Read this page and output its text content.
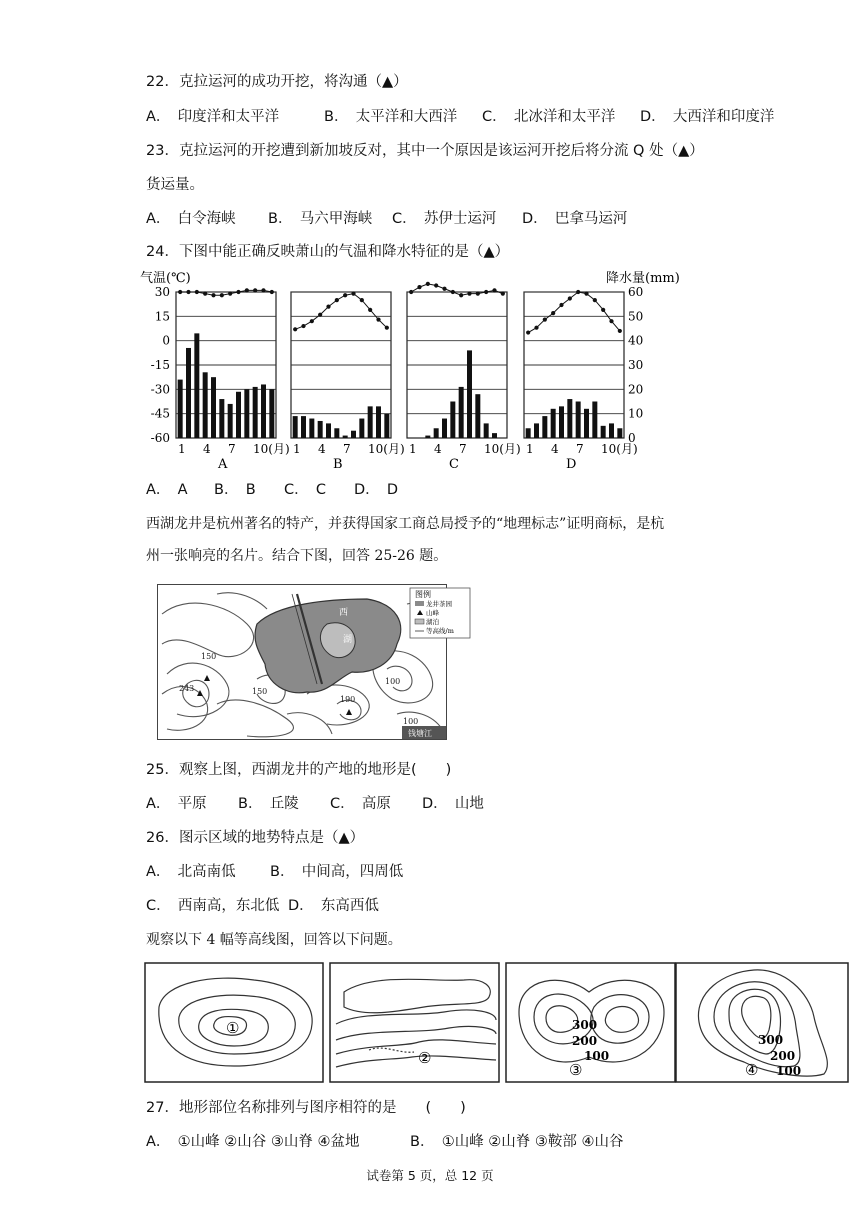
22．克拉运河的成功开挖，将沟通（▲）
A．　印度洋和太平洋	B．　太平洋和大西洋 C．　北冰洋和太平洋 D．　大西洋和印度洋
23．克拉运河的开挖遭到新加坡反对，其中一个原因是该运河开挖后将分流 Q 处（▲）
货运量。
A．　白令海峡 B．　马六甲海峡 C．　苏伊士运河 D．　巴拿马运河
24．下图中能正确反映萧山的气温和降水特征的是（▲）
气温(℃)	降水量(mm)
30
15
0
-15
-30
-45
-60
60
50
40
30
20
10
0
1 4 7 10(月)
A
1 4 7 10(月)
B
1 4 7 10(月)
C
1 4 7 10(月)
D
A．　A B．　B C．　C D．　D
西湖龙井是杭州著名的特产，并获得国家工商总局授予的“地理标志”证明商标，是杭
州一张响亮的名片。结合下图，回答 25-26 题。
西
湖
150
243
100
150
190
100
图例
龙井茶园
山峰
湖泊
等高线/m
钱塘江
25．观察上图，西湖龙井的产地的地形是(　　)
A．　平原 B．　丘陵 C．　高原 D．　山地
26．图示区域的地势特点是（▲）
A．　北高南低 B．　中间高，四周低
C．　西南高，东北低 D．　东高西低
观察以下 4 幅等高线图，回答以下问题。
①
②
300
200
100
③
300
200
100
④
27．地形部位名称排列与图序相符的是　　(　　)
A．　①山峰 ②山谷 ③山脊 ④盆地	B．　①山峰 ②山脊 ③鞍部 ④山谷
试卷第 5 页，总 12 页
